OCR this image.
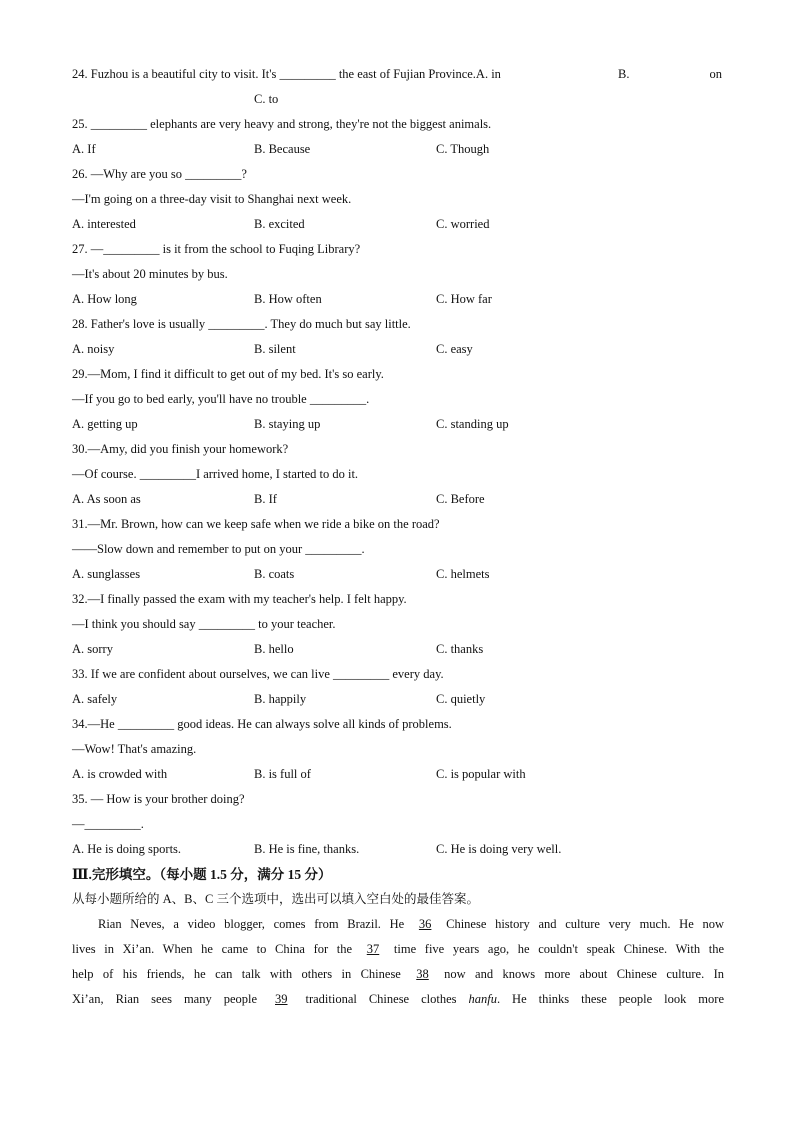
24. Fuzhou is a beautiful city to visit. It's _________ the east of Fujian Province.A. in	B.	on
C. to
25. _________ elephants are very heavy and strong, they're not the biggest animals.
A. If	B. Because	C. Though
26. —Why are you so _________?
—I'm going on a three-day visit to Shanghai next week.
A. interested	B. excited	C. worried
27. —_________ is it from the school to Fuqing Library?
—It's about 20 minutes by bus.
A. How long	B. How often	C. How far
28. Father's love is usually _________. They do much but say little.
A. noisy	B. silent	C. easy
29.—Mom, I find it difficult to get out of my bed. It's so early.
—If you go to bed early, you'll have no trouble _________.
A. getting up	B. staying up	C. standing up
30.—Amy, did you finish your homework?
—Of course. _________I arrived home, I started to do it.
A. As soon as	B. If	C. Before
31.—Mr. Brown, how can we keep safe when we ride a bike on the road?
——Slow down and remember to put on your _________.
A. sunglasses	B. coats	C. helmets
32.—I finally passed the exam with my teacher's help. I felt happy.
—I think you should say _________ to your teacher.
A. sorry	B. hello	C. thanks
33. If we are confident about ourselves, we can live _________ every day.
A. safely	B. happily	C. quietly
34.—He _________ good ideas. He can always solve all kinds of problems.
—Wow! That's amazing.
A. is crowded with	B. is full of	C. is popular with
35. — How is your brother doing?
—_________.
A. He is doing sports.	B. He is fine, thanks.	C. He is doing very well.
Ⅲ.完形填空。（每小题 1.5 分，满分 15 分）
从每小题所给的 A、B、C 三个选项中，选出可以填入空白处的最佳答案。
Rian Neves, a video blogger, comes from Brazil. He 36 Chinese history and culture very much. He now
lives in Xi’an. When he came to China for the 37 time five years ago, he couldn't speak Chinese. With the
help of his friends, he can talk with others in Chinese 38 now and knows more about Chinese culture. In
Xi’an, Rian sees many people 39 traditional Chinese clothes hanfu. He thinks these people look more
